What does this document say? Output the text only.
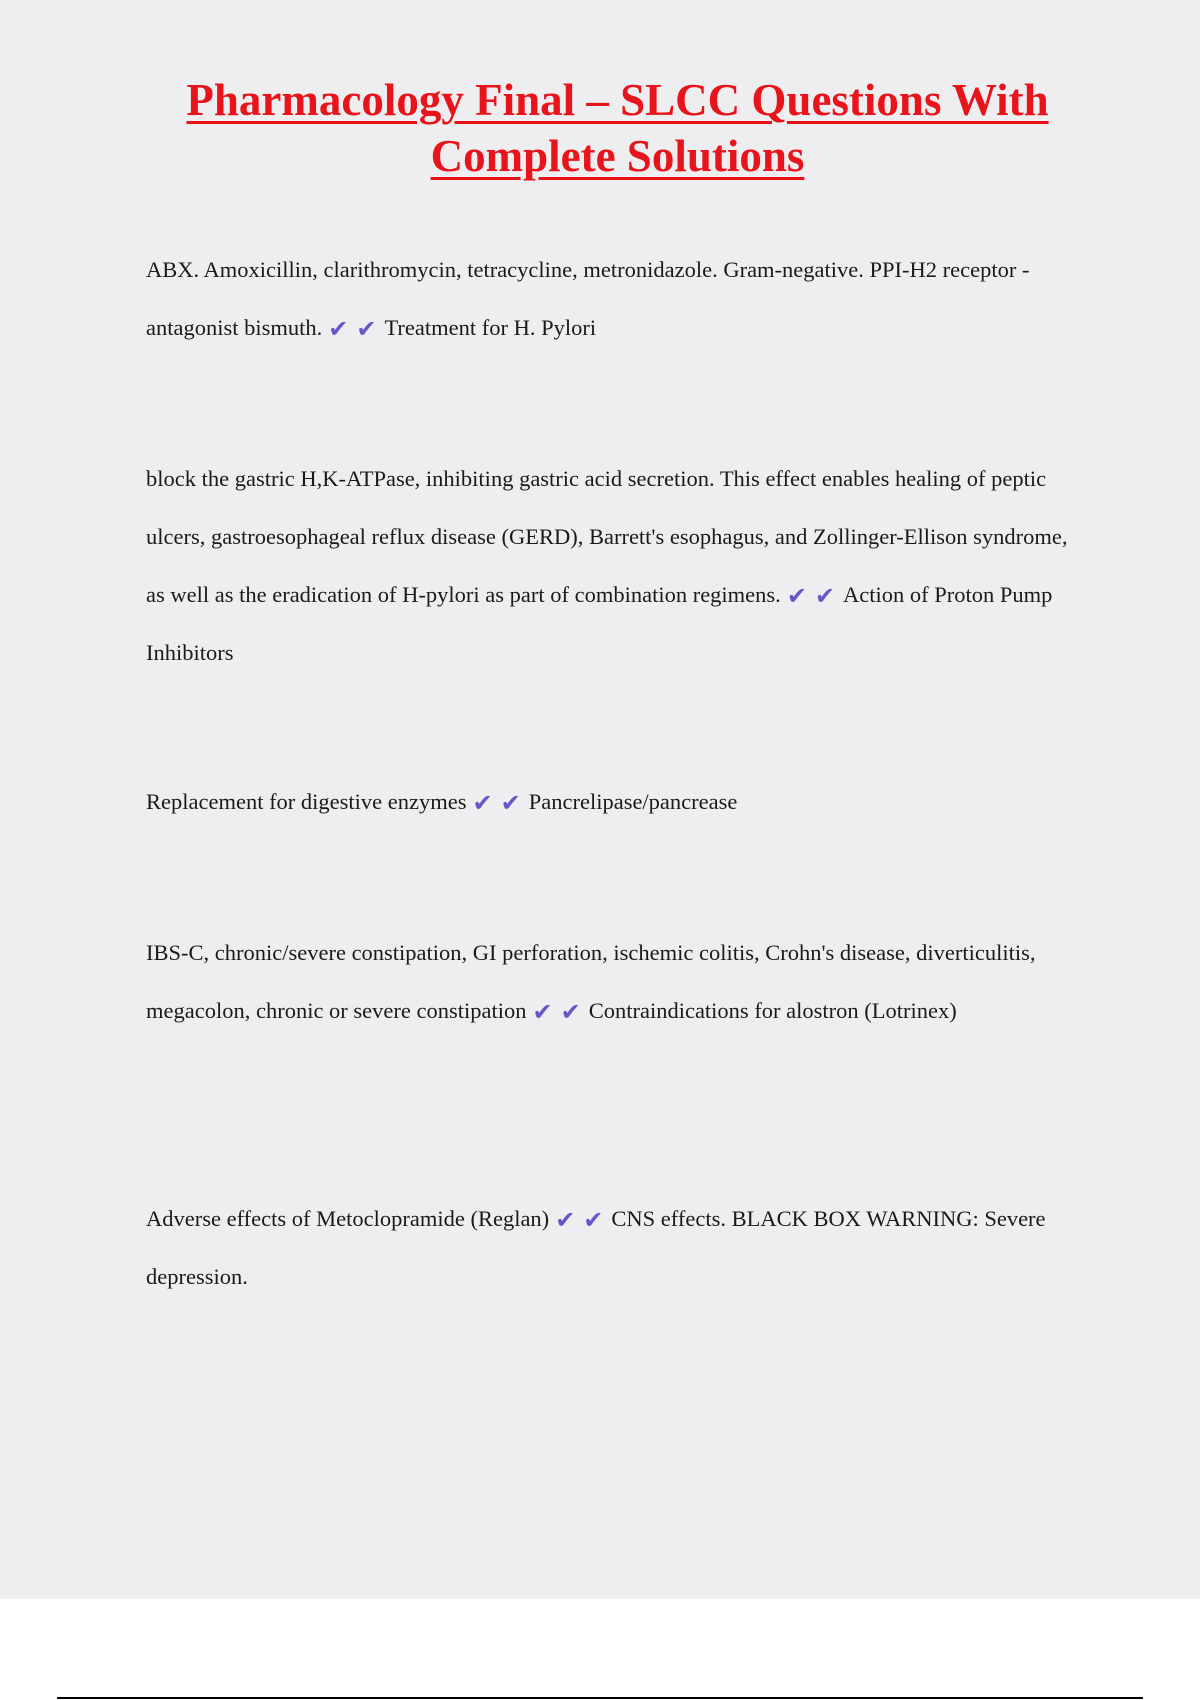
Pharmacology Final – SLCC Questions With Complete Solutions

ABX. Amoxicillin, clarithromycin, tetracycline, metronidazole. Gram-negative. PPI-H2 receptor - antagonist bismuth. ✔ ✔ Treatment for H. Pylori

block the gastric H,K-ATPase, inhibiting gastric acid secretion. This effect enables healing of peptic ulcers, gastroesophageal reflux disease (GERD), Barrett's esophagus, and Zollinger-Ellison syndrome, as well as the eradication of H-pylori as part of combination regimens. ✔ ✔ Action of Proton Pump Inhibitors

Replacement for digestive enzymes ✔ ✔ Pancrelipase/pancrease

IBS-C, chronic/severe constipation, GI perforation, ischemic colitis, Crohn's disease, diverticulitis, megacolon, chronic or severe constipation ✔ ✔ Contraindications for alostron (Lotrinex)

Adverse effects of Metoclopramide (Reglan) ✔ ✔ CNS effects. BLACK BOX WARNING: Severe depression.
